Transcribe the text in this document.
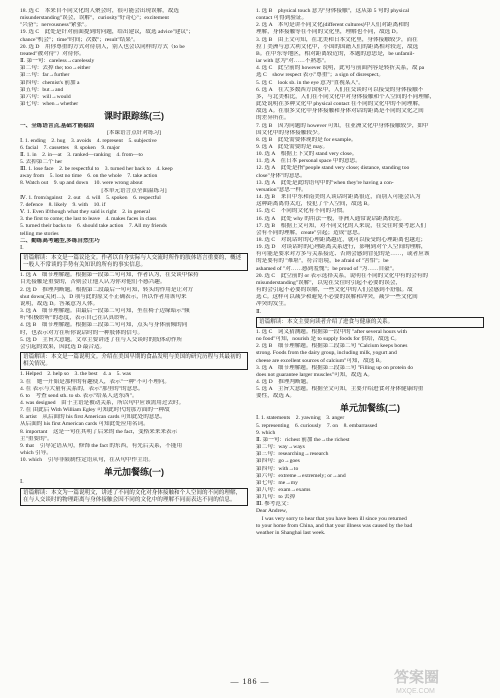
18. 选 C　本来自不同文化的人聚会时，很可能会出现误解，故选
misunderstanding"误会，误解"，curiosity"好奇心"；excitement
"兴奋"；nervousness"紧张"。
19. 选 C　此处是针对前面提到的问题，给出建议，故选 advice"建议"；
chance"机会"；time"时间；次数"；result"结果"。
20. 选 D　用你尊重的方式对待别人，别人也会以同样的方式（to be
treated"被对待"）对待你。
Ⅱ. 第一句：careless→carelessly
第二句：去掉 the; too→either
第三句：far→further
第四句：chemist's 前加 a
第五句：but→and
第六句：will→would
第七句：when→whether
课时跟踪练(三)
一、全练语言点,基础才能稳固
[本课语言点针对练习]
Ⅰ. 1. ending　2. hug　3. avoids　4. represent　5. subjective
6. facial　7. cassettes　8. spoken　9. major
Ⅱ. 1. in　2. in—at　3. ranked—ranking　4. from—to
5. 去掉第二个 her
Ⅲ. 1. lose face　2. be respectful to　3. turned her back to　4. keep
away from　5. lost no time　6. on the whole　7. take action
8. Watch out　9. up and down　10. were wrong about
[本单元语言点全面温练习]
Ⅳ. 1. from/against　2. out　4. will　5. spoken　6. respectful
7. defence　8. likely　9. with　10. if
Ⅴ. 1. Even if/though what they said is right　2. in general
3. the first to come; the last to leave　4. makes faces in class
5. turned their backs to　6. should take action　7. All my friends
telling me stories
二、勤练高考题型,多练自然生巧
Ⅰ.
语篇解读：本文是一篇议论文。作者以自身实际与人交流时所作的肢体语言重要的，概述一般人不常谈的手势有关知识的所有的事实信息。
1. 选 A　细节理解题。根据第一段第二句可知，作者认为，在交谈中保持
目光接触是重要的，否则会让他人认为你对他们不感兴趣。
2. 选 D　推理判断题。根据第二段最后一句可知，转头的作用是让对方
shut down(关闭…)，D 项与此的原文不正确表示，所以作者用该句来
说明，故选 D。答案意为人体。
3. 选 A　细节理解题。由最后一段第二句可知，坐在椅子边缘暗示"倾
听"积极聆听"的态度，表示自己在认真聆听。
4. 选 B　细节理解题。根据第三段第二句可知，点头与身体前倾的同
时，也表示对方在听你说话时的一种肢体的信号。
5. 选 D　主旨大意题。文章主要讲述了在与人交谈时的肢体动作所
会引起的效果，因此选 D 最合适。
语篇解读：本文是一篇说明文。介绍在美国早期的食品发明与美国的研究历程与其最初的相关情况。
1. Helped　2. help so　3. the best　4. a　5. was
3. 在　她一开始是那样的有趣使人，表示"一种"不可不理问。
4. 在 表示与大量有关系的，表示"那里的"的意思。
6. to　考查 send sth. to sb. 表示"给某人送东西"。
4. was designed　由于主语是被动关系，所以句中应该需用过去时。
7. 在 由此后 With William Egley 可知此时代的那方面的一种故
8. artist　从后面的 his first American cards 可知此处的意思。
从后面的 his first American cards 可知此处应用名词。
8. important　这是一句在其明了后来的 the fact，变格来来来表示
主"重要的"。
9. that　引导定语从句，修饰 the fact 的东西，有先后关系，不能用
which 引导。
10. which　引导非限制性定语从句，在从句中作主语。
单元加餐练(一)
Ⅰ.
语篇解读：本文为一篇说明文，讲述了不同的文化对身体接触和个人空间的不同的理解，在与人交谈时的物理距离与身体接触会因不同的文化中的理解不同而表达不同的信息。
1. 选 B　physical touch 意为"身体接触"，这从第 5 句的 physical
contact 可得到验证。
2. 选 A　本句是讲不同文化(different cultures)中人们对距离和的
理解，身体接触等在不同的文化里，理解也不同，故选 D。
3. 选 B　由上文可知，在北美和日本文化里，身体接触较少，而在
拉丁美洲与意大利文化中，小国的国籍人们的距离相对较近，故选
B。在中东等地区，相对距离较近的，本题的意思是，be unfamil-
iar with 意为"对……不熟悉"。
4. 选 C　此空前的 however 说明，此句与前面内容是转折关系，故 pa
选 C　show respect 表示"尊重"；a sign of disrespect。
5. 选 C　look sb. in the eye 意为"直视某人"。
6. 选 A　在大多数西方国家中，人们在交谈时可以接受的身体接触不
多，与北美相比，人们在不同文化中对身体接触和个人空间的不同理解，
此处说明在多种文化中 physical contact 在不同的文化中的不同理解，
故选 A。在很多文化中身体接触和身体对话的距离是不同的文化之间
的差异所在。
7. 选 B　因为问题的 however 可知，在亚洲文化中身体接触较少，如中
国文化中的身体接触较少。
8. 选 B　此处需要体现的是 for example。
9. 选 A　此处需要的是 may。
10. 选 A　根据上下文的 stand very close。
11. 选 A　在日本 personal space 中的意思。
12. 选 A　此处是指"people stand very close; distance, standing too
close"身体"的意思。
13. 选 A　此处是此的语句中的"when they're having a con-
versation"意思一样。
14. 选 B　来自中东和南美的人谈话时距离很近，而别人可能会认为
这种距离离得太近，侵犯了个人空间，故选 B。
15. 选 C　不同的文化有不同的习惯。
16. 选 A　此处 why 的用法一般，非洲人通常说话距离较近。
17. 选 B　根据上文可知，对不同文化的人来说，在交往时要考虑人们
会有不同的理解，create"引起；造成"意思。
18. 选 C　对说话时的心理距离越近，就可以接受的心理距离也越近；
19. 选 D　对谈话时的心理距离关系进行，影响到对个人空间的理解，
有可能是要求对方多与关系接近、否则会感到冒犯的是……，或者应该
的是要有的 "难堪"，符合语境，be afraid of "害怕"；be
ashamed of "对……感到羞愧"；be proud of "为……自豪"。
20. 选 C　此空前的 or 表示选择关系，说明在不同的文化中有的会有的
misunderstanding"误解"，以免在交往时引起不必要的误会，
有的会引起不必要的误解，一些文化中的人们会感到不舒服。故
选 C。这样可以减少和避免不必要的误解和冲突，减少一些文化间
冲突的发生。
Ⅱ.
语篇解读：本文主要向读者介绍了进食与健康的关系。
1. 选 C　词义猜测题。根据第一段中的 "after several hours with
no food"可知，nourish 是 to supply foods for 供给，故选 C。
2. 选 B　细节理解题。根据第二段第二句 "Calcium keeps bones
strong. Foods from the dairy group, including milk, yogurt and
cheese are excellent sources of calcium"可知，故选 B。
3. 选 A　细节理解题。根据第三段第三句 "Filling up on protein do
does not guarantee larger muscles"可知，故选 A。
4. 选 D　推理判断题。
5. 选 A　主旨大意题。根据全文可知，主要介绍进食对身体健康的重
要性，故选 A。
单元加餐练(二)
Ⅰ. 1. statements　2. yawning　3. anger
5. representing　6. curiously　7. on　8. embarrassed
9. which
Ⅱ. 第一句：richest 前加 the→the richest
第二句：way→ways
第三句：researching→research
第四句：go→goes
第四句：with→to
第六句：extreme→extremely; or→and
第七句：me→my
第八句：exam→exams
第九句：to 去掉
Ⅲ. 参考范文：
Dear Andrew,
　I was very sorry to hear that you have been ill since you returned
to your home from China, and that your illness was caused by the bad
weather in Shanghai last week.
— 186 —	答案圈
MXQE.COM
